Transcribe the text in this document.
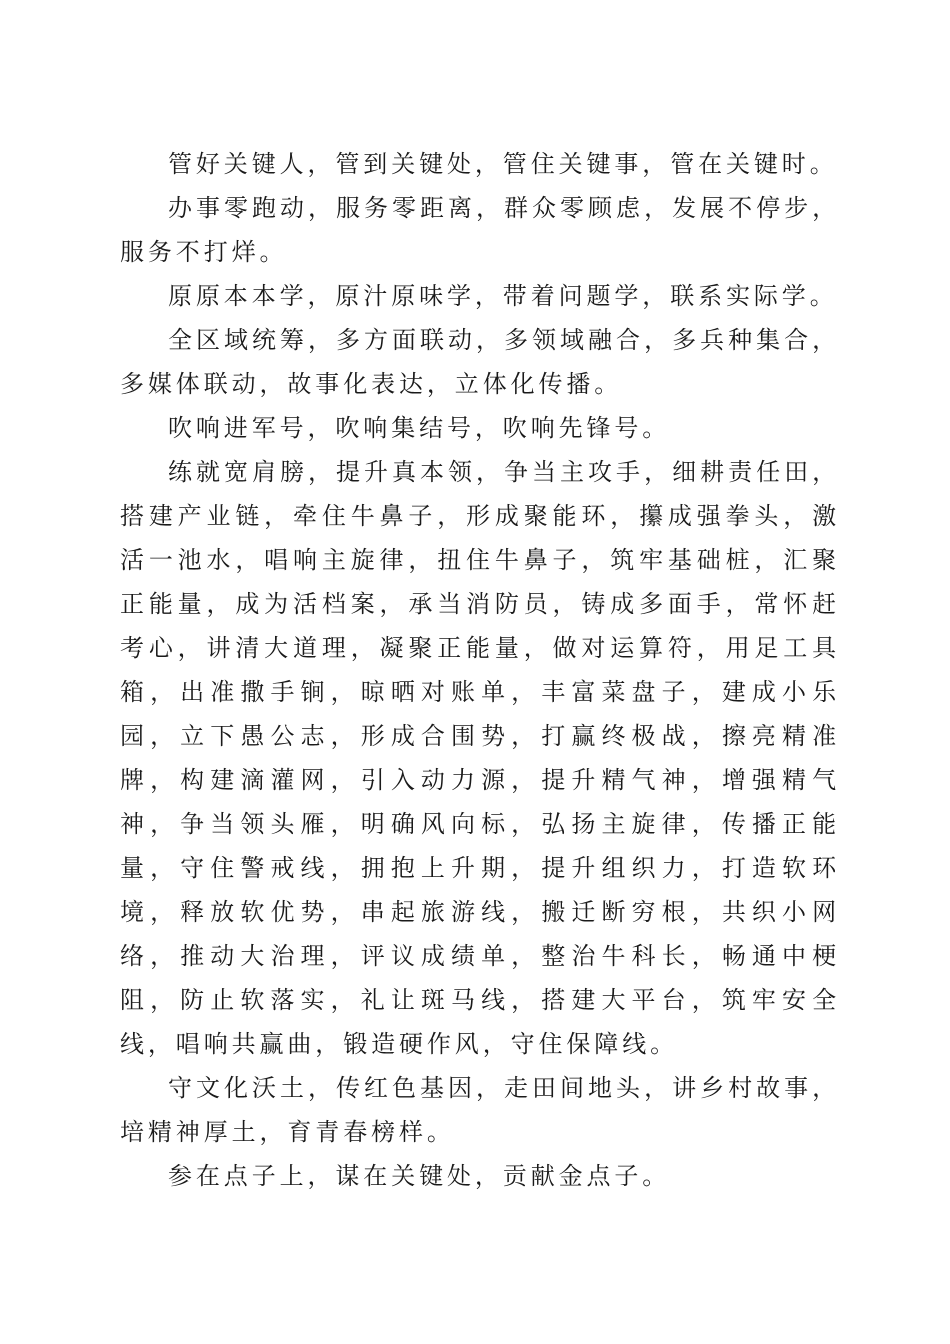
管好关键人，管到关键处，管住关键事，管在关键时。

办事零跑动，服务零距离，群众零顾虑，发展不停步，服务不打烊。

原原本本学，原汁原味学，带着问题学，联系实际学。

全区域统筹，多方面联动，多领域融合，多兵种集合，多媒体联动，故事化表达，立体化传播。

吹响进军号，吹响集结号，吹响先锋号。

练就宽肩膀，提升真本领，争当主攻手，细耕责任田，搭建产业链，牵住牛鼻子，形成聚能环，攥成强拳头，激活一池水，唱响主旋律，扭住牛鼻子，筑牢基础桩，汇聚正能量，成为活档案，承当消防员，铸成多面手，常怀赶考心，讲清大道理，凝聚正能量，做对运算符，用足工具箱，出准撒手锏，晾晒对账单，丰富菜盘子，建成小乐园，立下愚公志，形成合围势，打赢终极战，擦亮精准牌，构建滴灌网，引入动力源，提升精气神，增强精气神，争当领头雁，明确风向标，弘扬主旋律，传播正能量，守住警戒线，拥抱上升期，提升组织力，打造软环境，释放软优势，串起旅游线，搬迁断穷根，共织小网络，推动大治理，评议成绩单，整治牛科长，畅通中梗阻，防止软落实，礼让斑马线，搭建大平台，筑牢安全线，唱响共赢曲，锻造硬作风，守住保障线。

守文化沃土，传红色基因，走田间地头，讲乡村故事，培精神厚土，育青春榜样。

参在点子上，谋在关键处，贡献金点子。
